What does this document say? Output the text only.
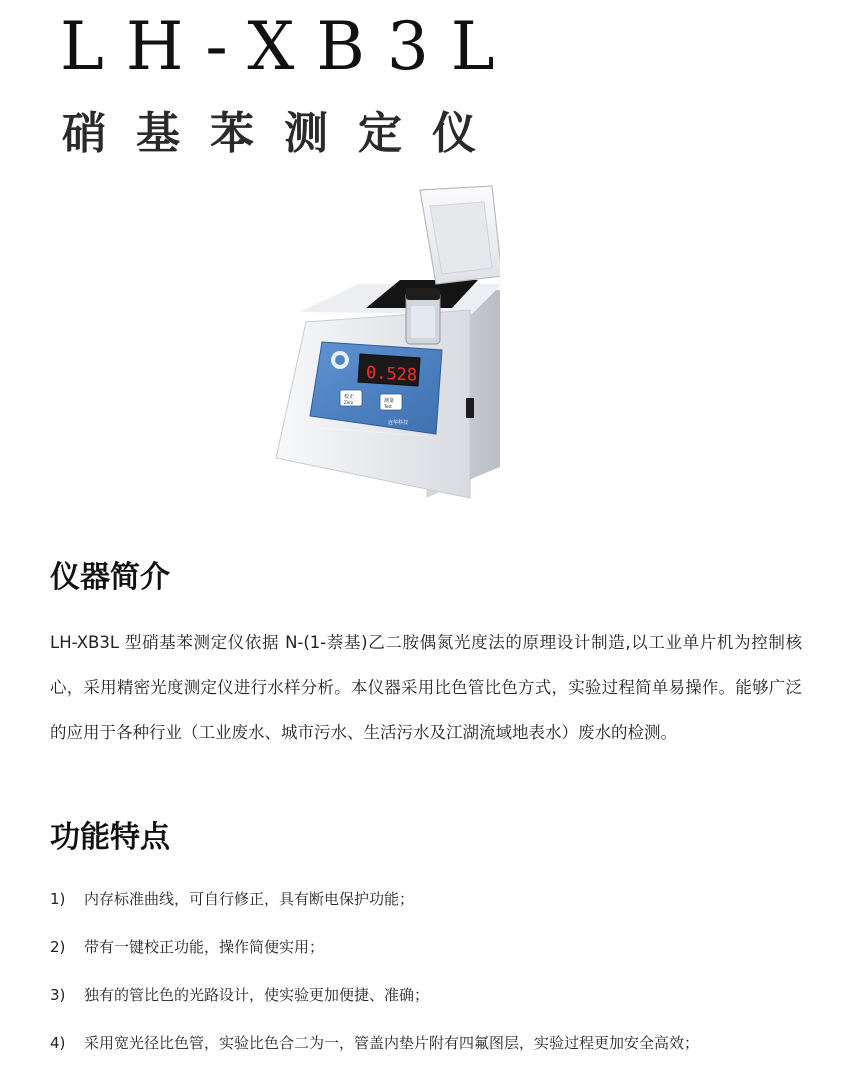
LH-XB3L
硝基苯测定仪
0.528
校正
Zero	测量
Test
连华科技
仪器简介

LH-XB3L 型硝基苯测定仪依据 N-(1-萘基)乙二胺偶氮光度法的原理设计制造,以工业单片机为控制核心，采用精密光度测定仪进行水样分析。本仪器采用比色管比色方式，实验过程简单易操作。能够广泛的应用于各种行业（工业废水、城市污水、生活污水及江湖流域地表水）废水的检测。

功能特点
1)	内存标准曲线，可自行修正，具有断电保护功能；
2)	带有一键校正功能，操作简便实用；
3)	独有的管比色的光路设计，使实验更加便捷、准确；
4)	采用宽光径比色管，实验比色合二为一，管盖内垫片附有四氟图层，实验过程更加安全高效；
